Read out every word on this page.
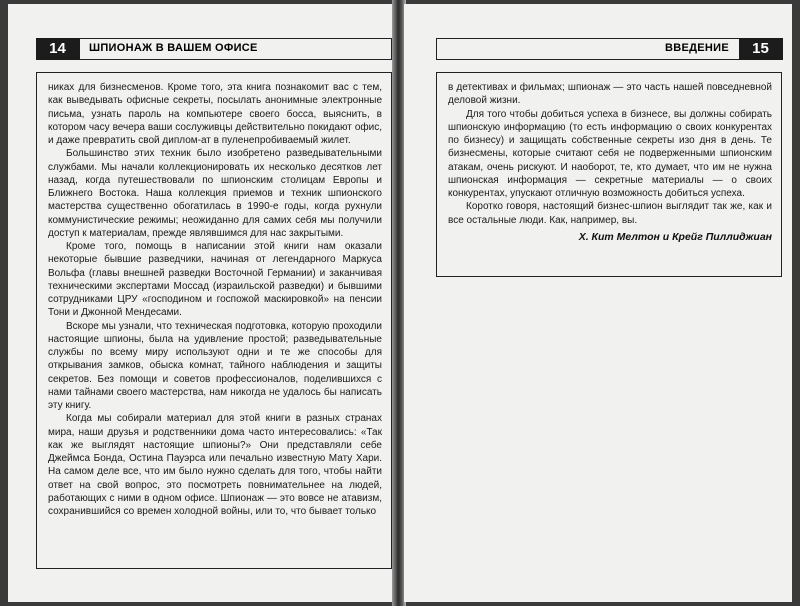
14	ШПИОНАЖ В ВАШЕМ ОФИСЕ

никах для бизнесменов. Кроме того, эта книга познакомит вас с тем, как выведывать офисные секреты, посылать анонимные электронные письма, узнать пароль на компьютере своего босса, выяснить, в котором часу вечера ваши сослуживцы действительно покидают офис, и даже превратить свой диплом-ат в пуленепробиваемый жилет.

Большинство этих техник было изобретено разведывательными службами. Мы начали коллекционировать их несколько десятков лет назад, когда путешествовали по шпионским столицам Европы и Ближнего Востока. Наша коллекция приемов и техник шпионского мастерства существенно обогатилась в 1990-е годы, когда рухнули коммунистические режимы; неожиданно для самих себя мы получили доступ к материалам, прежде являвшимся для нас закрытыми.

Кроме того, помощь в написании этой книги нам оказали некоторые бывшие разведчики, начиная от легендарного Маркуса Вольфа (главы внешней разведки Восточной Германии) и заканчивая техническими экспертами Моссад (израильской разведки) и бывшими сотрудниками ЦРУ «господином и госпожой маскировкой» на пенсии Тони и Джонной Мендесами.

Вскоре мы узнали, что техническая подготовка, которую проходили настоящие шпионы, была на удивление простой; разведывательные службы по всему миру используют одни и те же способы для открывания замков, обыска комнат, тайного наблюдения и защиты секретов. Без помощи и советов профессионалов, поделившихся с нами тайнами своего мастерства, нам никогда не удалось бы написать эту книгу.

Когда мы собирали материал для этой книги в разных странах мира, наши друзья и родственники дома часто интересовались: «Так как же выглядят настоящие шпионы?» Они представляли себе Джеймса Бонда, Остина Пауэрса или печально известную Мату Хари. На самом деле все, что им было нужно сделать для того, чтобы найти ответ на свой вопрос, это посмотреть повнимательнее на людей, работающих с ними в одном офисе. Шпионаж — это вовсе не атавизм, сохранившийся со времен холодной войны, или то, что бывает только

ВВЕДЕНИЕ	15

в детективах и фильмах; шпионаж — это часть нашей повседневной деловой жизни.

Для того чтобы добиться успеха в бизнесе, вы должны собирать шпионскую информацию (то есть информацию о своих конкурентах по бизнесу) и защищать собственные секреты изо дня в день. Те бизнесмены, которые считают себя не подверженными шпионским атакам, очень рискуют. И наоборот, те, кто думает, что им не нужна шпионская информация — секретные материалы — о своих конкурентах, упускают отличную возможность добиться успеха.

Коротко говоря, настоящий бизнес-шпион выглядит так же, как и все остальные люди. Как, например, вы.

Х. Кит Мелтон и Крейг Пиллиджиан
